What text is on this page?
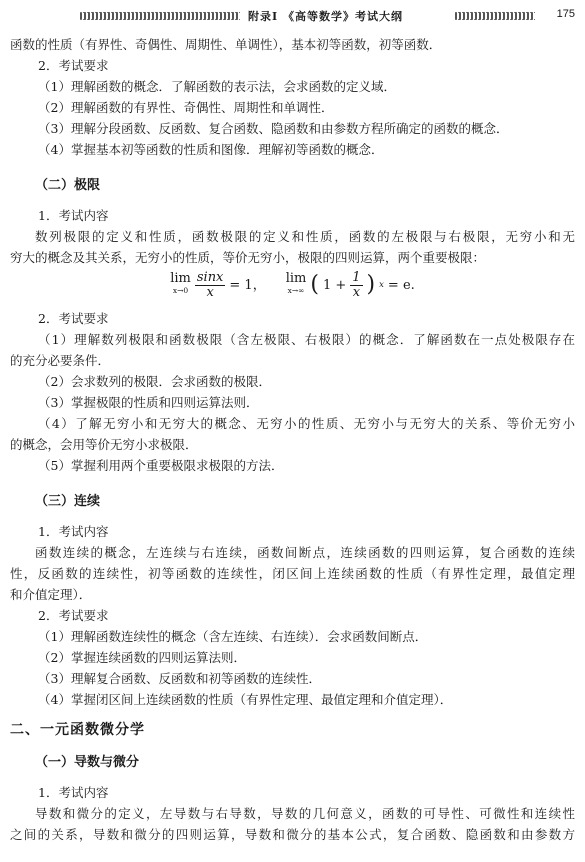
附录Ⅰ 《高等数学》考试大纲	175
函数的性质（有界性、奇偶性、周期性、单调性），基本初等函数，初等函数．
2．考试要求
（1）理解函数的概念．了解函数的表示法，会求函数的定义域．
（2）理解函数的有界性、奇偶性、周期性和单调性．
（3）理解分段函数、反函数、复合函数、隐函数和由参数方程所确定的函数的概念．
（4）掌握基本初等函数的性质和图像．理解初等函数的概念．
（二）极限
1．考试内容
数列极限的定义和性质，函数极限的定义和性质，函数的左极限与右极限，无穷小和无
穷大的概念及其关系，无穷小的性质，等价无穷小，极限的四则运算，两个重要极限：
lim
$x\to 0 \frac{\sin x}{x} = 1$， lim
x→∞ ( $1 + \frac{1}{x}$ ) x = e.
2．考试要求
（1）理解数列极限和函数极限（含左极限、右极限）的概念．了解函数在一点处极限存在
的充分必要条件．
（2）会求数列的极限．会求函数的极限．
（3）掌握极限的性质和四则运算法则．
（4）了解无穷小和无穷大的概念、无穷小的性质、无穷小与无穷大的关系、等价无穷小
的概念，会用等价无穷小求极限．
（5）掌握利用两个重要极限求极限的方法．
（三）连续
1．考试内容
函数连续的概念，左连续与右连续，函数间断点，连续函数的四则运算，复合函数的连续
性，反函数的连续性，初等函数的连续性，闭区间上连续函数的性质（有界性定理，最值定理
和介值定理）．
2．考试要求
（1）理解函数连续性的概念（含左连续、右连续）．会求函数间断点．
（2）掌握连续函数的四则运算法则．
（3）理解复合函数、反函数和初等函数的连续性．
（4）掌握闭区间上连续函数的性质（有界性定理、最值定理和介值定理）．
二、一元函数微分学
（一）导数与微分
1．考试内容
导数和微分的定义，左导数与右导数，导数的几何意义，函数的可导性、可微性和连续性
之间的关系，导数和微分的四则运算，导数和微分的基本公式，复合函数、隐函数和由参数方
